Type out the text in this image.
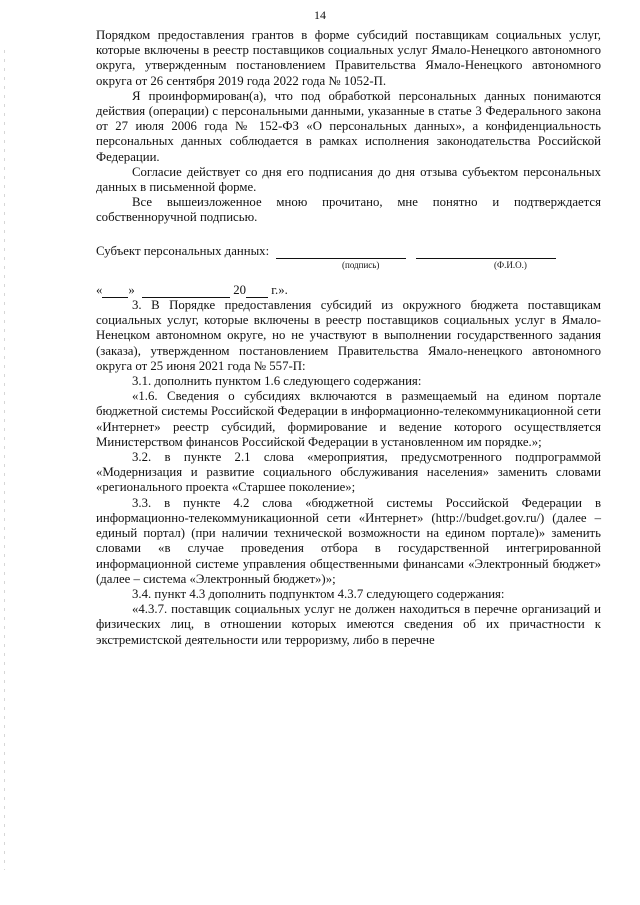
14

Порядком предоставления грантов в форме субсидий поставщикам социальных услуг, которые включены в реестр поставщиков социальных услуг Ямало-Ненецкого автономного округа, утвержденным постановлением Правительства Ямало-Ненецкого автономного округа от 26 сентября 2019 года 2022 года № 1052-П.

Я проинформирован(а), что под обработкой персональных данных понимаются действия (операции) с персональными данными, указанные в статье 3 Федерального закона от 27 июля 2006 года № 152-ФЗ «О персональных данных», а конфиденциальность персональных данных соблюдается в рамках исполнения законодательства Российской Федерации.

Согласие действует со дня его подписания до дня отзыва субъектом персональных данных в письменной форме.

Все вышеизложенное мною прочитано, мне понятно и подтверждается собственноручной подписью.

Субъект персональных данных:

(подпись)	(Ф.И.О.)

« »	20 г.».

3. В Порядке предоставления субсидий из окружного бюджета поставщикам социальных услуг, которые включены в реестр поставщиков социальных услуг в Ямало-Ненецком автономном округе, но не участвуют в выполнении государственного задания (заказа), утвержденном постановлением Правительства Ямало-ненецкого автономного округа от 25 июня 2021 года № 557-П:

3.1. дополнить пунктом 1.6 следующего содержания:

«1.6. Сведения о субсидиях включаются в размещаемый на едином портале бюджетной системы Российской Федерации в информационно-телекоммуникационной сети «Интернет» реестр субсидий, формирование и ведение которого осуществляется Министерством финансов Российской Федерации в установленном им порядке.»;

3.2. в пункте 2.1 слова «мероприятия, предусмотренного подпрограммой «Модернизация и развитие социального обслуживания населения» заменить словами «регионального проекта «Старшее поколение»;

3.3. в пункте 4.2 слова «бюджетной системы Российской Федерации в информационно-телекоммуникационной сети «Интернет» (http://budget.gov.ru/) (далее – единый портал) (при наличии технической возможности на едином портале)» заменить словами «в случае проведения отбора в государственной интегрированной информационной системе управления общественными финансами «Электронный бюджет» (далее – система «Электронный бюджет»)»;

3.4. пункт 4.3 дополнить подпунктом 4.3.7 следующего содержания:

«4.3.7. поставщик социальных услуг не должен находиться в перечне организаций и физических лиц, в отношении которых имеются сведения об их причастности к экстремистской деятельности или терроризму, либо в перечне
